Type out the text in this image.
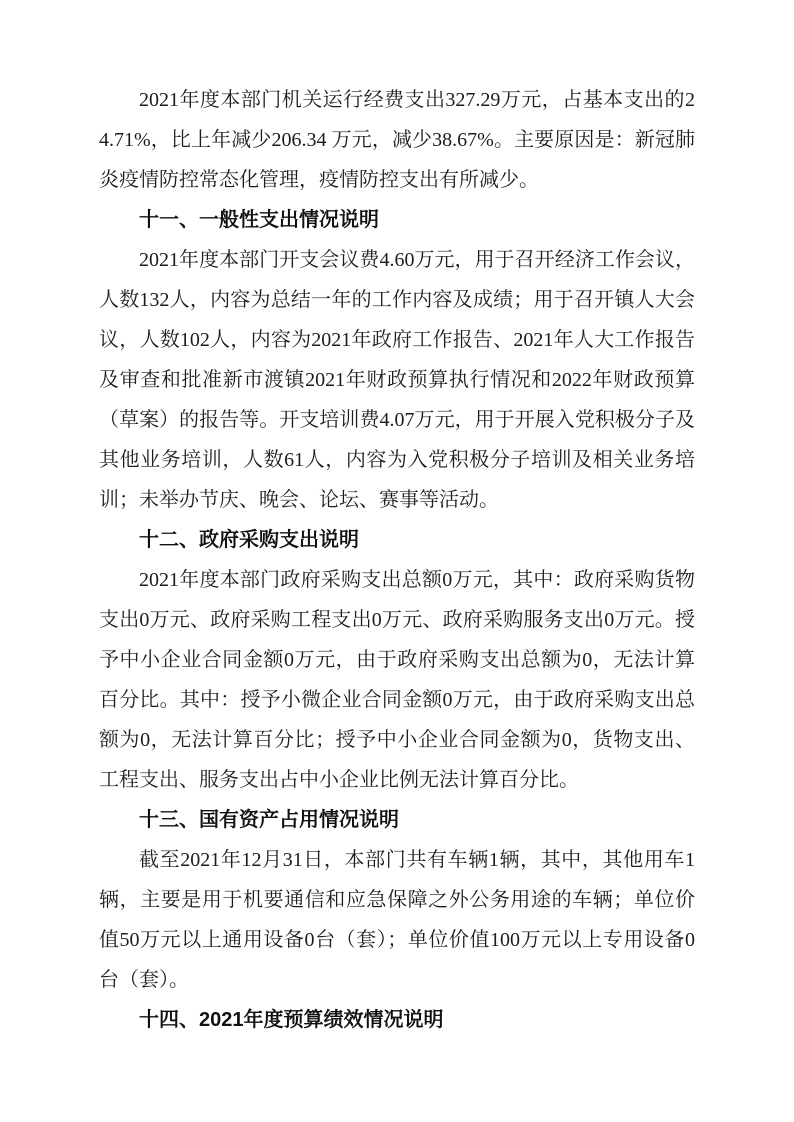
2021年度本部门机关运行经费支出327.29万元，占基本支出的24.71%，比上年减少206.34 万元，减少38.67%。主要原因是：新冠肺炎疫情防控常态化管理，疫情防控支出有所减少。

十一、一般性支出情况说明

2021年度本部门开支会议费4.60万元，用于召开经济工作会议，人数132人，内容为总结一年的工作内容及成绩；用于召开镇人大会议，人数102人，内容为2021年政府工作报告、2021年人大工作报告及审查和批准新市渡镇2021年财政预算执行情况和2022年财政预算（草案）的报告等。开支培训费4.07万元，用于开展入党积极分子及其他业务培训，人数61人，内容为入党积极分子培训及相关业务培训；未举办节庆、晚会、论坛、赛事等活动。

十二、政府采购支出说明

2021年度本部门政府采购支出总额0万元，其中：政府采购货物支出0万元、政府采购工程支出0万元、政府采购服务支出0万元。授予中小企业合同金额0万元，由于政府采购支出总额为0，无法计算百分比。其中：授予小微企业合同金额0万元，由于政府采购支出总额为0，无法计算百分比；授予中小企业合同金额为0，货物支出、工程支出、服务支出占中小企业比例无法计算百分比。

十三、国有资产占用情况说明

截至2021年12月31日，本部门共有车辆1辆，其中，其他用车1辆，主要是用于机要通信和应急保障之外公务用途的车辆；单位价值50万元以上通用设备0台（套）；单位价值100万元以上专用设备0台（套）。

十四、2021年度预算绩效情况说明
